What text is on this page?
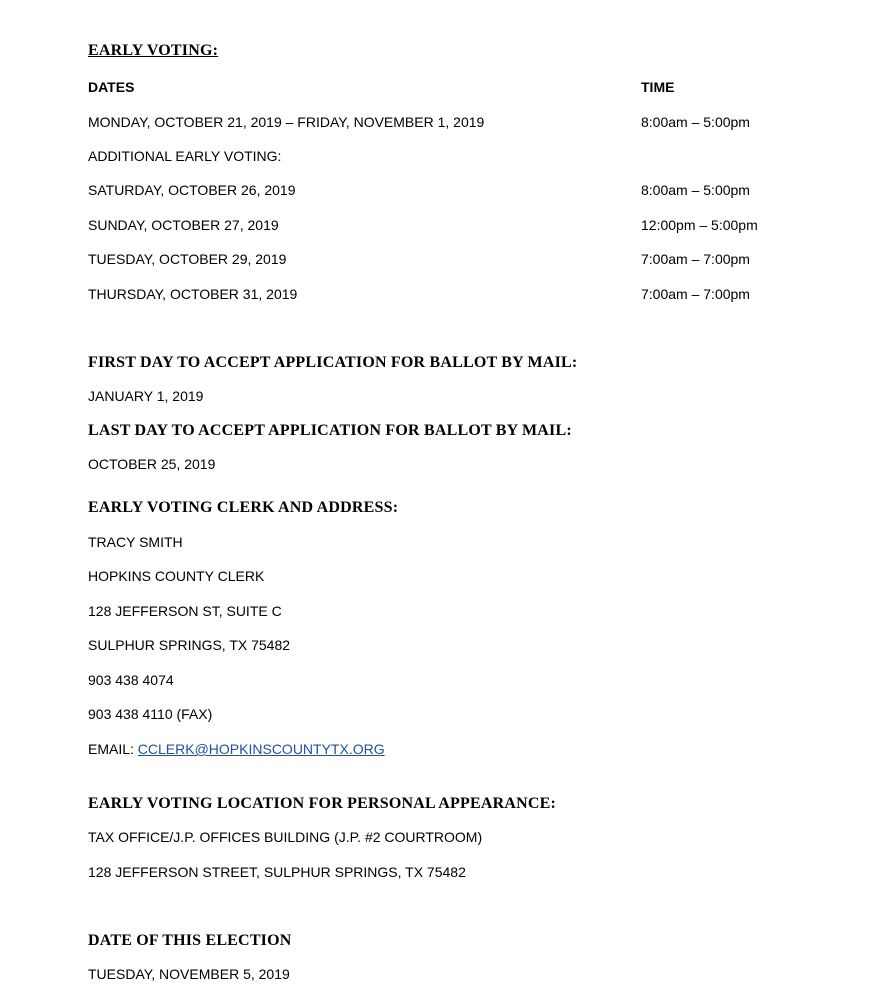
EARLY VOTING:
DATES	TIME
MONDAY, OCTOBER 21, 2019 – FRIDAY, NOVEMBER 1, 2019	8:00am – 5:00pm
ADDITIONAL EARLY VOTING:
SATURDAY, OCTOBER 26, 2019	8:00am – 5:00pm
SUNDAY, OCTOBER 27, 2019	12:00pm – 5:00pm
TUESDAY, OCTOBER 29, 2019	7:00am – 7:00pm
THURSDAY, OCTOBER 31, 2019	7:00am – 7:00pm
FIRST DAY TO ACCEPT APPLICATION FOR BALLOT BY MAIL:
JANUARY 1, 2019
LAST DAY TO ACCEPT APPLICATION FOR BALLOT BY MAIL:
OCTOBER 25, 2019
EARLY VOTING CLERK AND ADDRESS:
TRACY SMITH
HOPKINS COUNTY CLERK
128 JEFFERSON ST, SUITE C
SULPHUR SPRINGS, TX 75482
903 438 4074
903 438 4110 (FAX)
EMAIL: CCLERK@HOPKINSCOUNTYTX.ORG
EARLY VOTING LOCATION FOR PERSONAL APPEARANCE:
TAX OFFICE/J.P. OFFICES BUILDING (J.P. #2 COURTROOM)
128 JEFFERSON STREET, SULPHUR SPRINGS, TX 75482
DATE OF THIS ELECTION
TUESDAY, NOVEMBER 5, 2019
